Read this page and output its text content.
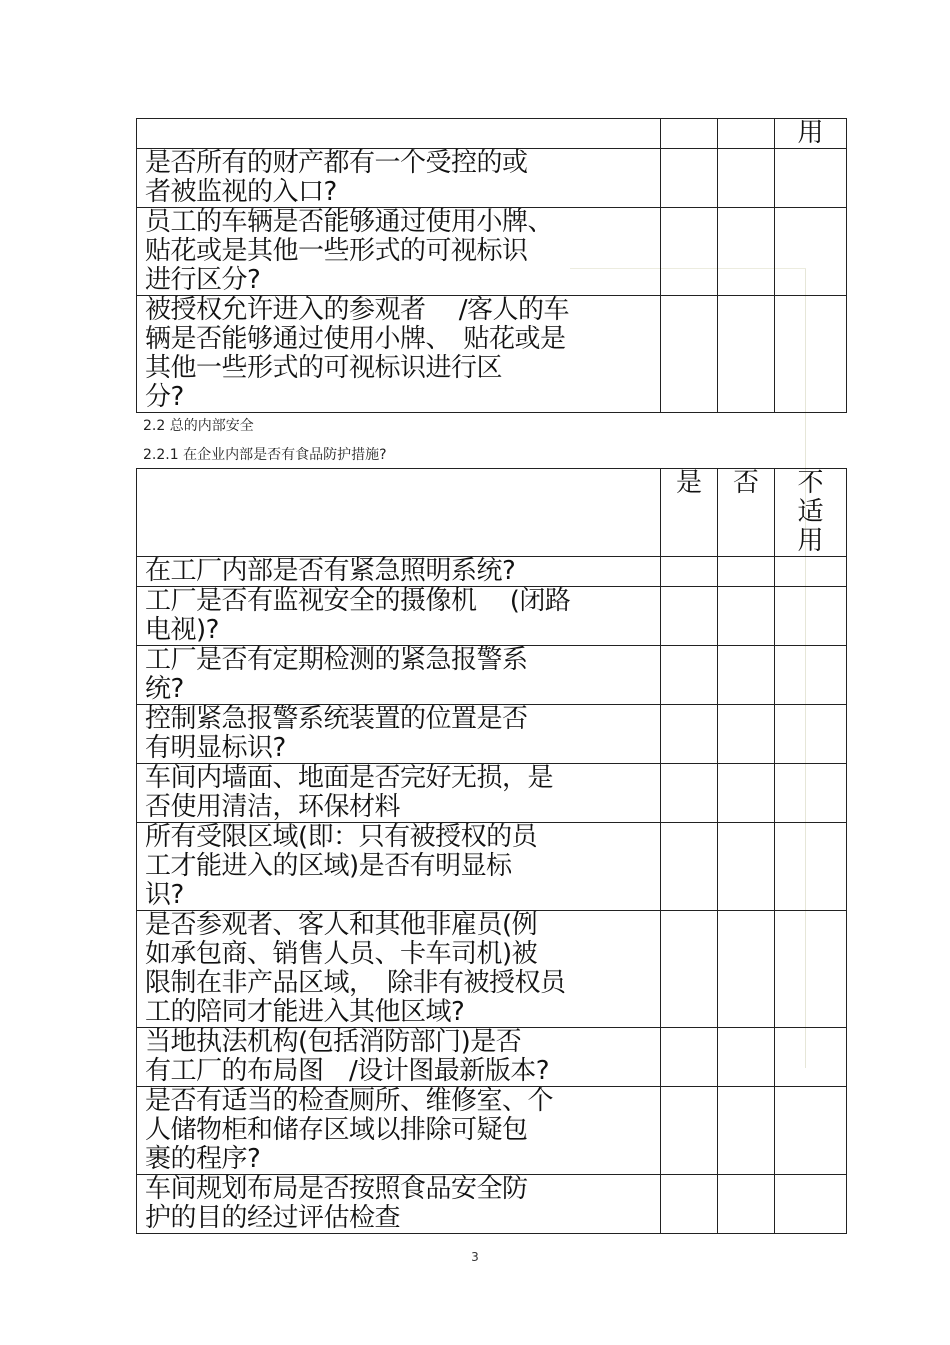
			用

是否所有的财产都有一个受控的或
者被监视的入口?			

员工的车辆是否能够通过使用小牌、
贴花或是其他一些形式的可视标识
进行区分?			

被授权允许进入的参观者　 /客人的车
辆是否能够通过使用小牌、　贴花或是
其他一些形式的可视标识进行区
分?			

2.2 总的内部安全
2.2.1 在企业内部是否有食品防护措施?

	是	否	不适用

在工厂内部是否有紧急照明系统?			

工厂是否有监视安全的摄像机　 (闭路
电视)?			

工厂是否有定期检测的紧急报警系
统?			

控制紧急报警系统装置的位置是否
有明显标识?			

车间内墙面、地面是否完好无损，是
否使用清洁，环保材料			

所有受限区域(即：只有被授权的员
工才能进入的区域)是否有明显标
识?			

是否参观者、客人和其他非雇员(例
如承包商、销售人员、卡车司机)被
限制在非产品区域，　除非有被授权员
工的陪同才能进入其他区域?			

当地执法机构(包括消防部门)是否
有工厂的布局图　/设计图最新版本?			

是否有适当的检查厕所、维修室、个
人储物柜和储存区域以排除可疑包
裹的程序?			

车间规划布局是否按照食品安全防
护的目的经过评估检查			

3
